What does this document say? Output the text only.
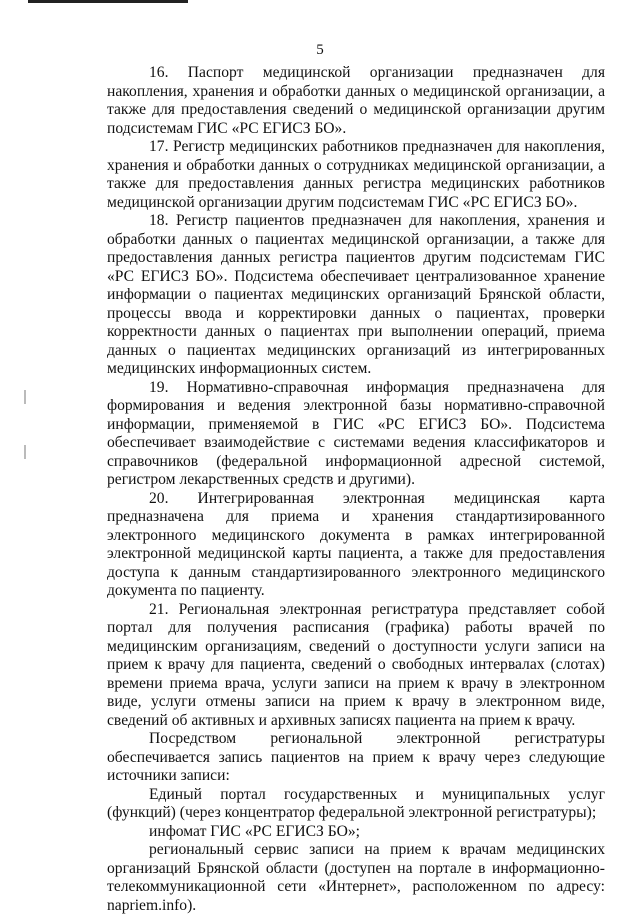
5

16. Паспорт медицинской организации предназначен для накопления, хранения и обработки данных о медицинской организации, а также для предоставления сведений о медицинской организации другим подсистемам ГИС «РС ЕГИСЗ БО».

17. Регистр медицинских работников предназначен для накопления, хранения и обработки данных о сотрудниках медицинской организации, а также для предоставления данных регистра медицинских работников медицинской организации другим подсистемам ГИС «РС ЕГИСЗ БО».

18. Регистр пациентов предназначен для накопления, хранения и обработки данных о пациентах медицинской организации, а также для предоставления данных регистра пациентов другим подсистемам ГИС «РС ЕГИСЗ БО». Подсистема обеспечивает централизованное хранение информации о пациентах медицинских организаций Брянской области, процессы ввода и корректировки данных о пациентах, проверки корректности данных о пациентах при выполнении операций, приема данных о пациентах медицинских организаций из интегрированных медицинских информационных систем.

19. Нормативно-справочная информация предназначена для формирования и ведения электронной базы нормативно-справочной информации, применяемой в ГИС «РС ЕГИСЗ БО». Подсистема обеспечивает взаимодействие с системами ведения классификаторов и справочников (федеральной информационной адресной системой, регистром лекарственных средств и другими).

20. Интегрированная электронная медицинская карта предназначена для приема и хранения стандартизированного электронного медицинского документа в рамках интегрированной электронной медицинской карты пациента, а также для предоставления доступа к данным стандартизированного электронного медицинского документа по пациенту.

21. Региональная электронная регистратура представляет собой портал для получения расписания (графика) работы врачей по медицинским организациям, сведений о доступности услуги записи на прием к врачу для пациента, сведений о свободных интервалах (слотах) времени приема врача, услуги записи на прием к врачу в электронном виде, услуги отмены записи на прием к врачу в электронном виде, сведений об активных и архивных записях пациента на прием к врачу.

Посредством региональной электронной регистратуры обеспечивается запись пациентов на прием к врачу через следующие источники записи:

Единый портал государственных и муниципальных услуг (функций) (через концентратор федеральной электронной регистратуры);

инфомат ГИС «РС ЕГИСЗ БО»;

региональный сервис записи на прием к врачам медицинских организаций Брянской области (доступен на портале в информационно-телекоммуникационной сети «Интернет», расположенном по адресу: napriem.info).
